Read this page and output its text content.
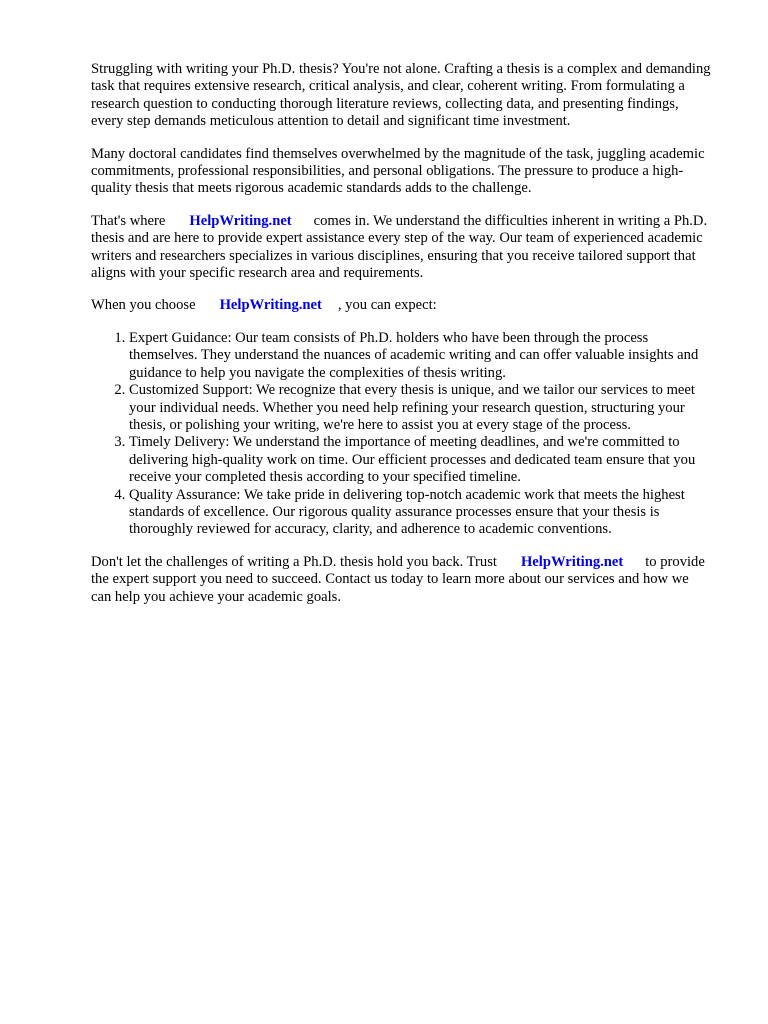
Struggling with writing your Ph.D. thesis? You're not alone. Crafting a thesis is a complex and demanding task that requires extensive research, critical analysis, and clear, coherent writing. From formulating a research question to conducting thorough literature reviews, collecting data, and presenting findings, every step demands meticulous attention to detail and significant time investment.

Many doctoral candidates find themselves overwhelmed by the magnitude of the task, juggling academic commitments, professional responsibilities, and personal obligations. The pressure to produce a high-quality thesis that meets rigorous academic standards adds to the challenge.

That's where HelpWriting.net comes in. We understand the difficulties inherent in writing a Ph.D. thesis and are here to provide expert assistance every step of the way. Our team of experienced academic writers and researchers specializes in various disciplines, ensuring that you receive tailored support that aligns with your specific research area and requirements.

When you choose HelpWriting.net , you can expect:

1. Expert Guidance: Our team consists of Ph.D. holders who have been through the process themselves. They understand the nuances of academic writing and can offer valuable insights and guidance to help you navigate the complexities of thesis writing.
2. Customized Support: We recognize that every thesis is unique, and we tailor our services to meet your individual needs. Whether you need help refining your research question, structuring your thesis, or polishing your writing, we're here to assist you at every stage of the process.
3. Timely Delivery: We understand the importance of meeting deadlines, and we're committed to delivering high-quality work on time. Our efficient processes and dedicated team ensure that you receive your completed thesis according to your specified timeline.
4. Quality Assurance: We take pride in delivering top-notch academic work that meets the highest standards of excellence. Our rigorous quality assurance processes ensure that your thesis is thoroughly reviewed for accuracy, clarity, and adherence to academic conventions.

Don't let the challenges of writing a Ph.D. thesis hold you back. Trust HelpWriting.net to provide the expert support you need to succeed. Contact us today to learn more about our services and how we can help you achieve your academic goals.
